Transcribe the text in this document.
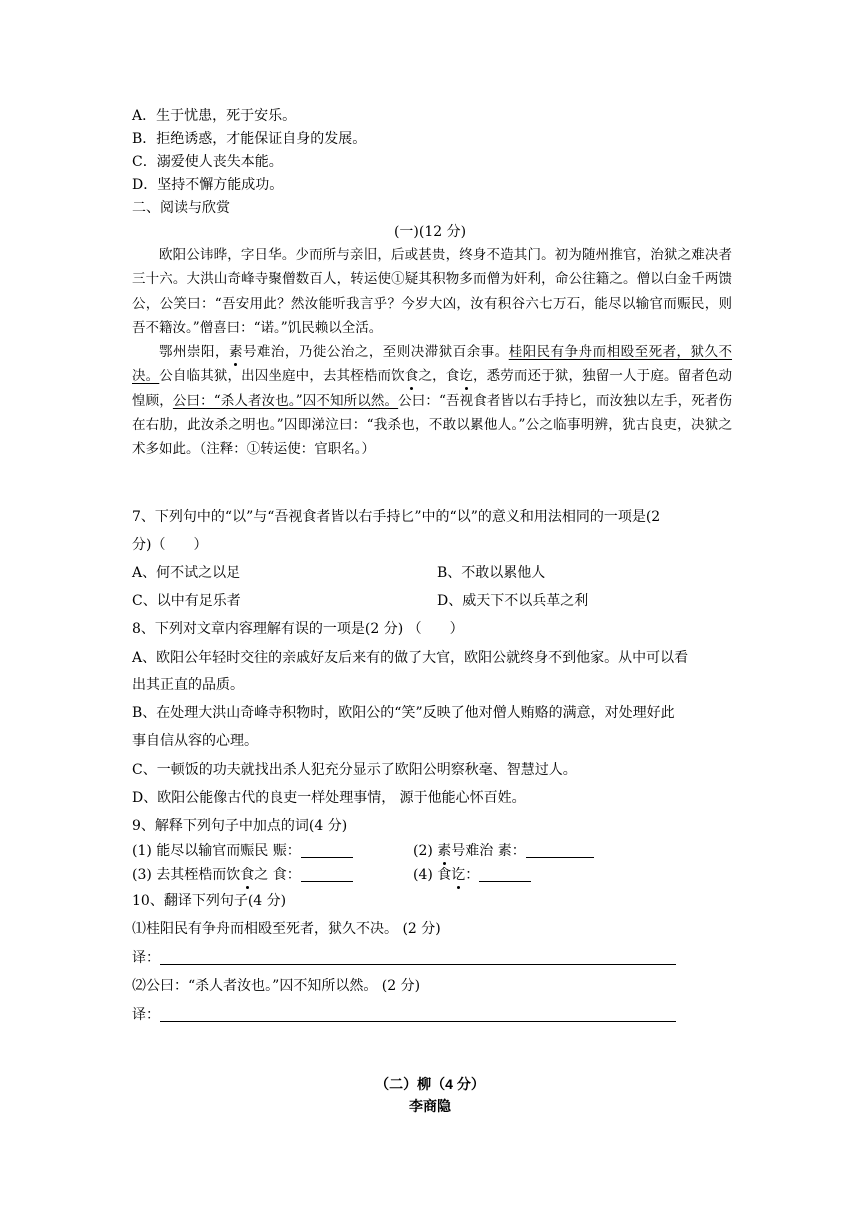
A．生于忧患，死于安乐。
B．拒绝诱惑，才能保证自身的发展。
C．溺爱使人丧失本能。
D．坚持不懈方能成功。
二、阅读与欣赏
(一)(12 分)

欧阳公讳晔，字日华。少而所与亲旧，后或甚贵，终身不造其门。初为随州推官，治狱之难决者三十六。大洪山奇峰寺聚僧数百人，转运使①疑其积物多而僧为奸利，命公往籍之。僧以白金千两馈公，公笑曰：“吾安用此？然汝能听我言乎？今岁大凶，汝有积谷六七万石，能尽以输官而赈民，则吾不籍汝。”僧喜曰：“诺。”饥民赖以全活。

鄂州崇阳，素号难治，乃徙公治之，至则决滞狱百余事。桂阳民有争舟而相殴至死者，狱久不决。公自临其狱，出囚坐庭中，去其桎梏而饮食之，食讫，悉劳而还于狱，独留一人于庭。留者色动惶顾，公曰：“杀人者汝也。”囚不知所以然。公曰：“吾视食者皆以右手持匕，而汝独以左手，死者伤在右肋，此汝杀之明也。”囚即涕泣曰：“我杀也，不敢以累他人。”公之临事明辨，犹古良吏，决狱之术多如此。（注释：①转运使：官职名。）

7、下列句中的“以”与“吾视食者皆以右手持匕”中的“以”的意义和用法相同的一项是(2
分)（　　）
A、何不试之以足	B、不敢以累他人
C、以中有足乐者	D、威天下不以兵革之利
8、下列对文章内容理解有误的一项是(2 分) （　　）
A、欧阳公年轻时交往的亲戚好友后来有的做了大官，欧阳公就终身不到他家。从中可以看
出其正直的品质。
B、在处理大洪山奇峰寺积物时，欧阳公的“笑”反映了他对僧人贿赂的满意，对处理好此
事自信从容的心理。
C、一顿饭的功夫就找出杀人犯充分显示了欧阳公明察秋毫、智慧过人。
D、欧阳公能像古代的良吏一样处理事情， 源于他能心怀百姓。
9、解释下列句子中加点的词(4 分)
(1) 能尽以输官而赈民 赈：	(2) 素号难治 素：
(3) 去其桎梏而饮食之 食：	(4) 食讫：
10、翻译下列句子(4 分)
⑴桂阳民有争舟而相殴至死者，狱久不决。 (2 分)
译：
⑵公曰：“杀人者汝也。”囚不知所以然。 (2 分)
译：
（二）柳（4 分）
李商隐
